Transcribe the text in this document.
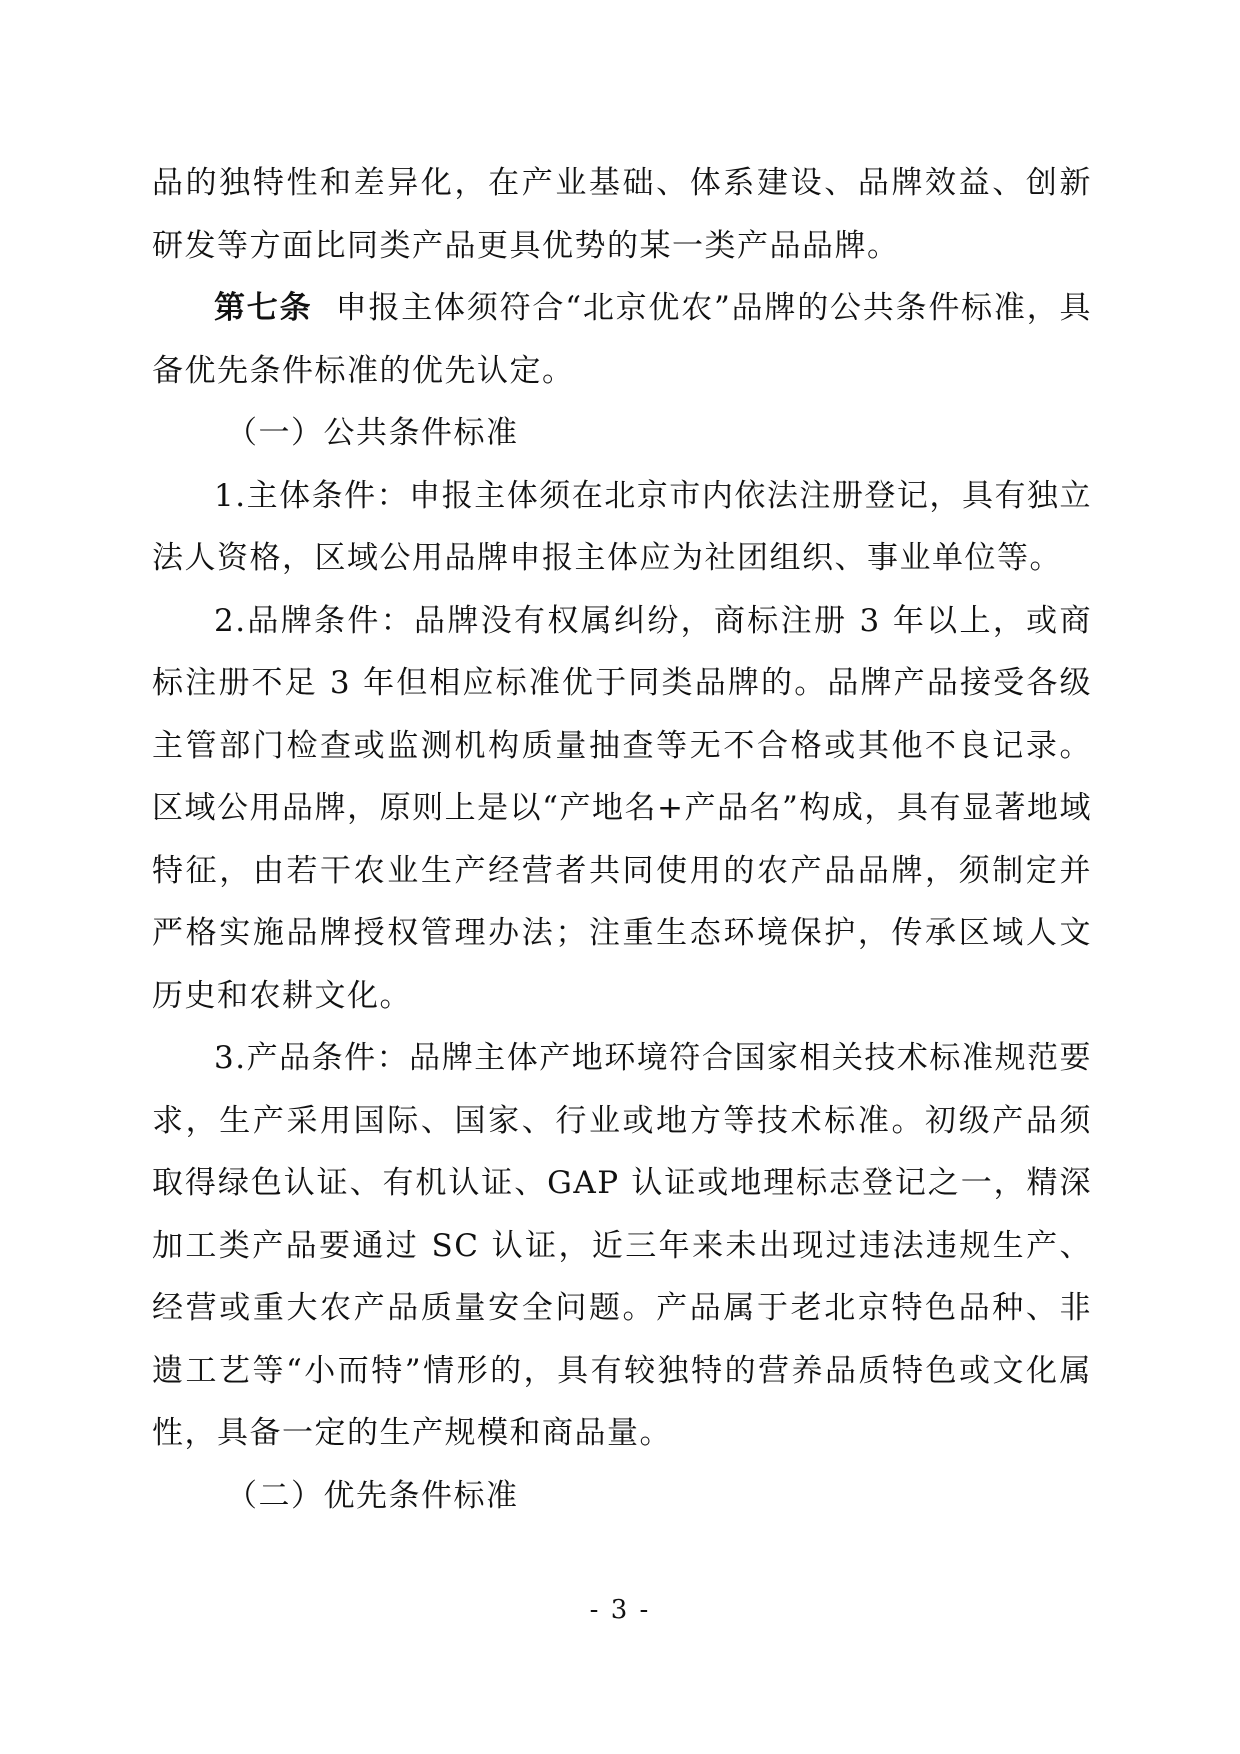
品的独特性和差异化，在产业基础、体系建设、品牌效益、创新研发等方面比同类产品更具优势的某一类产品品牌。

第七条 申报主体须符合“北京优农”品牌的公共条件标准，具备优先条件标准的优先认定。

（一）公共条件标准

1.主体条件：申报主体须在北京市内依法注册登记，具有独立法人资格，区域公用品牌申报主体应为社团组织、事业单位等。

2.品牌条件：品牌没有权属纠纷，商标注册 3 年以上，或商标注册不足 3 年但相应标准优于同类品牌的。品牌产品接受各级主管部门检查或监测机构质量抽查等无不合格或其他不良记录。区域公用品牌，原则上是以“产地名+产品名”构成，具有显著地域特征，由若干农业生产经营者共同使用的农产品品牌，须制定并严格实施品牌授权管理办法；注重生态环境保护，传承区域人文历史和农耕文化。

3.产品条件：品牌主体产地环境符合国家相关技术标准规范要求，生产采用国际、国家、行业或地方等技术标准。初级产品须取得绿色认证、有机认证、GAP 认证或地理标志登记之一，精深加工类产品要通过 SC 认证，近三年来未出现过违法违规生产、经营或重大农产品质量安全问题。产品属于老北京特色品种、非遗工艺等“小而特”情形的，具有较独特的营养品质特色或文化属性，具备一定的生产规模和商品量。

（二）优先条件标准

- 3 -
